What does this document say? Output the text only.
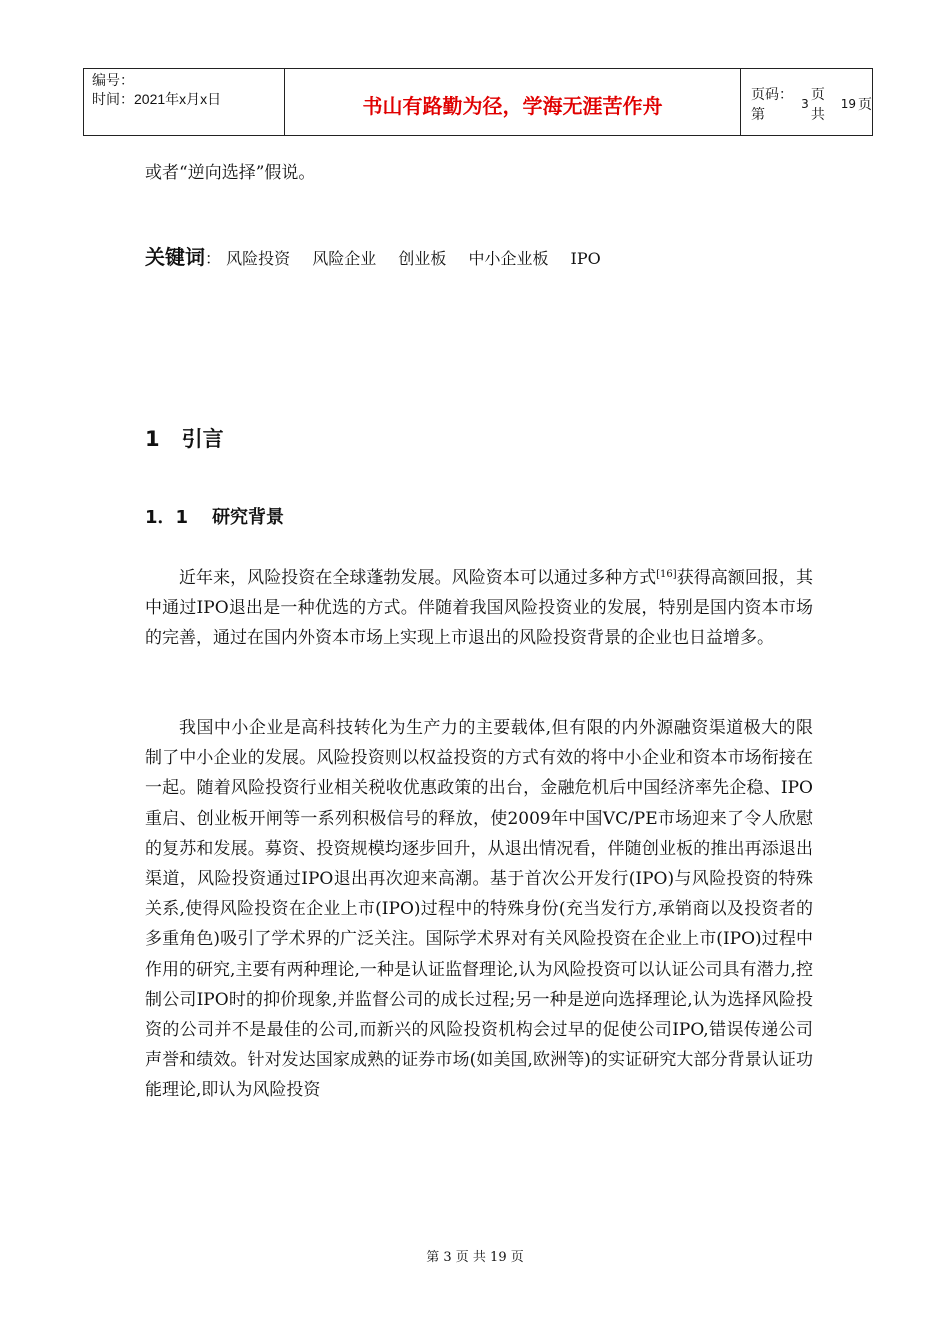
编号：
时间：2021年x月x日	书山有路勤为径，学海无涯苦作舟	页码：第
3
页 共
19 页
或者“逆向选择”假说。
关键词： 风险投资 风险企业 创业板 中小企业板 IPO
1 引言
1．1 研究背景

近年来，风险投资在全球蓬勃发展。风险资本可以通过多种方式[16]获得高额回报，其中通过IPO退出是一种优选的方式。伴随着我国风险投资业的发展，特别是国内资本市场的完善，通过在国内外资本市场上实现上市退出的风险投资背景的企业也日益增多。

我国中小企业是高科技转化为生产力的主要载体,但有限的内外源融资渠道极大的限制了中小企业的发展。风险投资则以权益投资的方式有效的将中小企业和资本市场衔接在一起。随着风险投资行业相关税收优惠政策的出台，金融危机后中国经济率先企稳、IPO重启、创业板开闸等一系列积极信号的释放，使2009年中国VC/PE市场迎来了令人欣慰的复苏和发展。募资、投资规模均逐步回升，从退出情况看，伴随创业板的推出再添退出渠道，风险投资通过IPO退出再次迎来高潮。基于首次公开发行(IPO)与风险投资的特殊关系,使得风险投资在企业上市(IPO)过程中的特殊身份(充当发行方,承销商以及投资者的多重角色)吸引了学术界的广泛关注。国际学术界对有关风险投资在企业上市(IPO)过程中作用的研究,主要有两种理论,一种是认证监督理论,认为风险投资可以认证公司具有潜力,控制公司IPO时的抑价现象,并监督公司的成长过程;另一种是逆向选择理论,认为选择风险投资的公司并不是最佳的公司,而新兴的风险投资机构会过早的促使公司IPO,错误传递公司声誉和绩效。针对发达国家成熟的证券市场(如美国,欧洲等)的实证研究大部分背景认证功能理论,即认为风险投资

第 3 页 共 19 页
